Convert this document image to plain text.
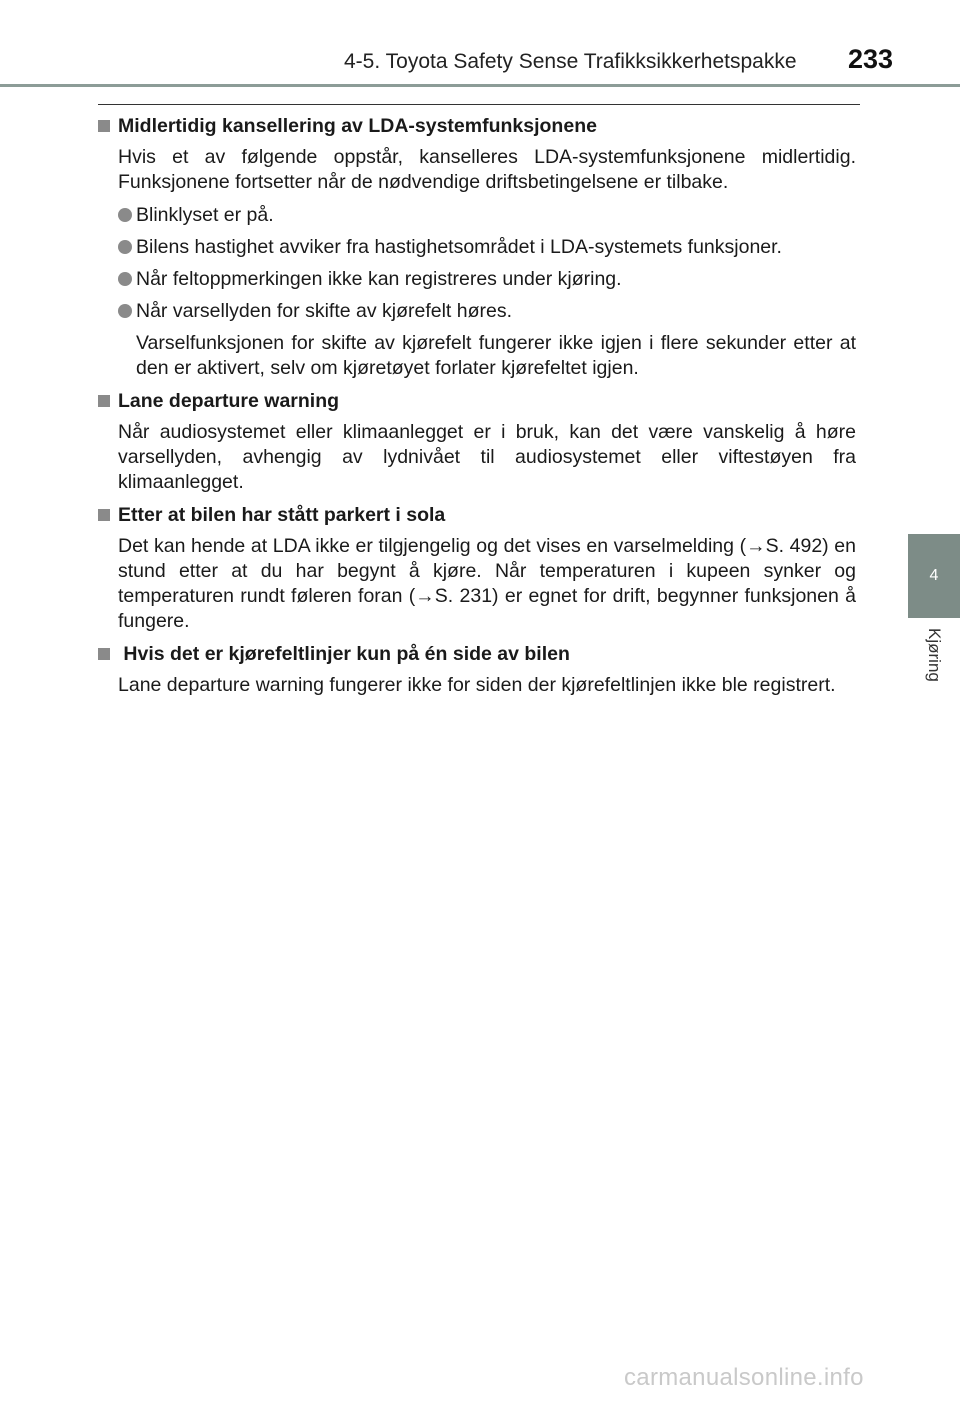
4-5. Toyota Safety Sense Trafikksikkerhetspakke 233
4
Kjøring
Midlertidig kansellering av LDA-systemfunksjonene

Hvis et av følgende oppstår, kanselleres LDA-systemfunksjonene midlertidig. Funksjonene fortsetter når de nødvendige driftsbetingelsene er tilbake.

Blinklyset er på.
Bilens hastighet avviker fra hastighetsområdet i LDA-systemets funksjoner.
Når feltoppmerkingen ikke kan registreres under kjøring.
Når varsellyden for skifte av kjørefelt høres.

Varselfunksjonen for skifte av kjørefelt fungerer ikke igjen i flere sekunder etter at den er aktivert, selv om kjøretøyet forlater kjørefeltet igjen.

Lane departure warning

Når audiosystemet eller klimaanlegget er i bruk, kan det være vanskelig å høre varsellyden, avhengig av lydnivået til audiosystemet eller viftestøyen fra klimaanlegget.

Etter at bilen har stått parkert i sola

Det kan hende at LDA ikke er tilgjengelig og det vises en varselmelding (→S. 492) en stund etter at du har begynt å kjøre. Når temperaturen i kupeen synker og temperaturen rundt føleren foran (→S. 231) er egnet for drift, begynner funksjonen å fungere.

Hvis det er kjørefeltlinjer kun på én side av bilen

Lane departure warning fungerer ikke for siden der kjørefeltlinjen ikke ble registrert.

carmanualsonline.info
